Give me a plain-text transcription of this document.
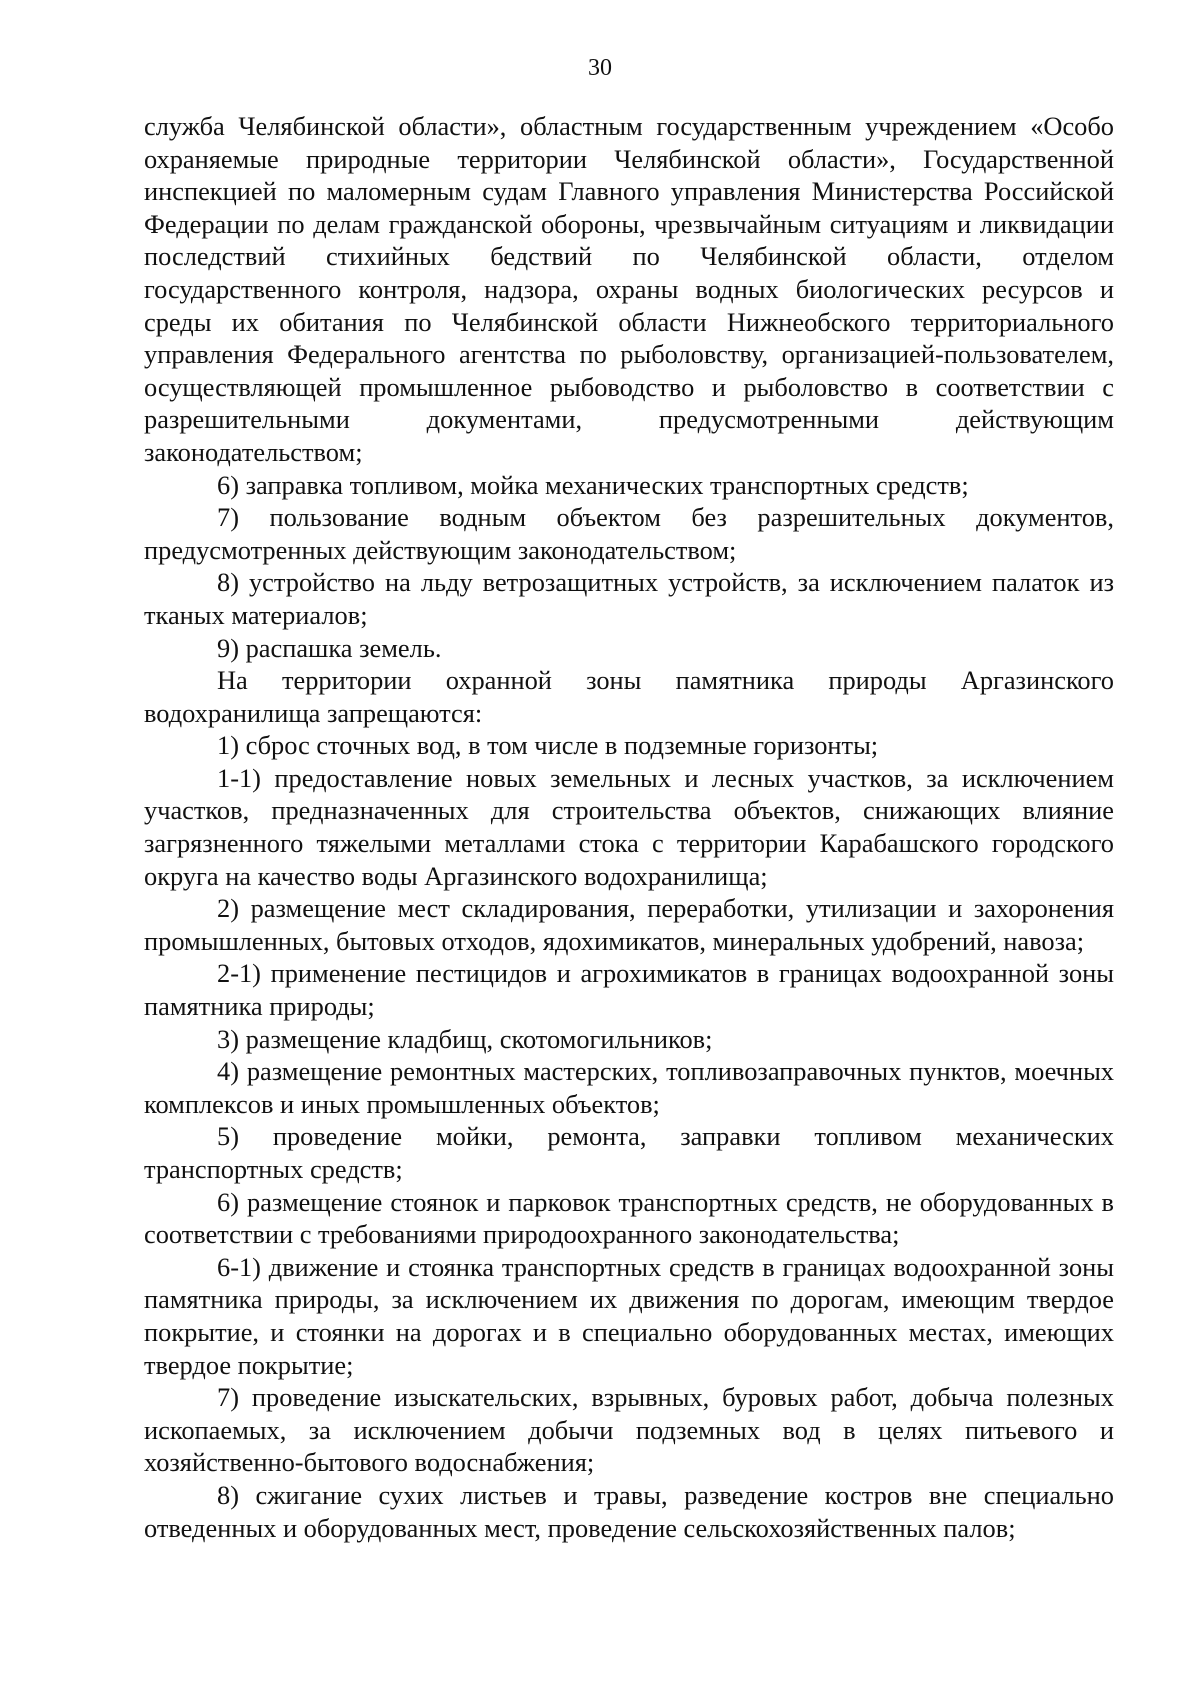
30

служба Челябинской области», областным государственным учреждением «Особо охраняемые природные территории Челябинской области», Государственной инспекцией по маломерным судам Главного управления Министерства Российской Федерации по делам гражданской обороны, чрезвычайным ситуациям и ликвидации последствий стихийных бедствий по Челябинской области, отделом государственного контроля, надзора, охраны водных биологических ресурсов и среды их обитания по Челябинской области Нижнеобского территориального управления Федерального агентства по рыболовству, организацией-пользователем, осуществляющей промышленное рыбоводство и рыболовство в соответствии с разрешительными документами, предусмотренными действующим законодательством;

6) заправка топливом, мойка механических транспортных средств;

7) пользование водным объектом без разрешительных документов, предусмотренных действующим законодательством;

8) устройство на льду ветрозащитных устройств, за исключением палаток из тканых материалов;

9) распашка земель.

На территории охранной зоны памятника природы Аргазинского водохранилища запрещаются:

1) сброс сточных вод, в том числе в подземные горизонты;

1-1) предоставление новых земельных и лесных участков, за исключением участков, предназначенных для строительства объектов, снижающих влияние загрязненного тяжелыми металлами стока с территории Карабашского городского округа на качество воды Аргазинского водохранилища;

2) размещение мест складирования, переработки, утилизации и захоронения промышленных, бытовых отходов, ядохимикатов, минеральных удобрений, навоза;

2-1) применение пестицидов и агрохимикатов в границах водоохранной зоны памятника природы;

3) размещение кладбищ, скотомогильников;

4) размещение ремонтных мастерских, топливозаправочных пунктов, моечных комплексов и иных промышленных объектов;

5) проведение мойки, ремонта, заправки топливом механических транспортных средств;

6) размещение стоянок и парковок транспортных средств, не оборудованных в соответствии с требованиями природоохранного законодательства;

6-1) движение и стоянка транспортных средств в границах водоохранной зоны памятника природы, за исключением их движения по дорогам, имеющим твердое покрытие, и стоянки на дорогах и в специально оборудованных местах, имеющих твердое покрытие;

7) проведение изыскательских, взрывных, буровых работ, добыча полезных ископаемых, за исключением добычи подземных вод в целях питьевого и хозяйственно-бытового водоснабжения;

8) сжигание сухих листьев и травы, разведение костров вне специально отведенных и оборудованных мест, проведение сельскохозяйственных палов;
